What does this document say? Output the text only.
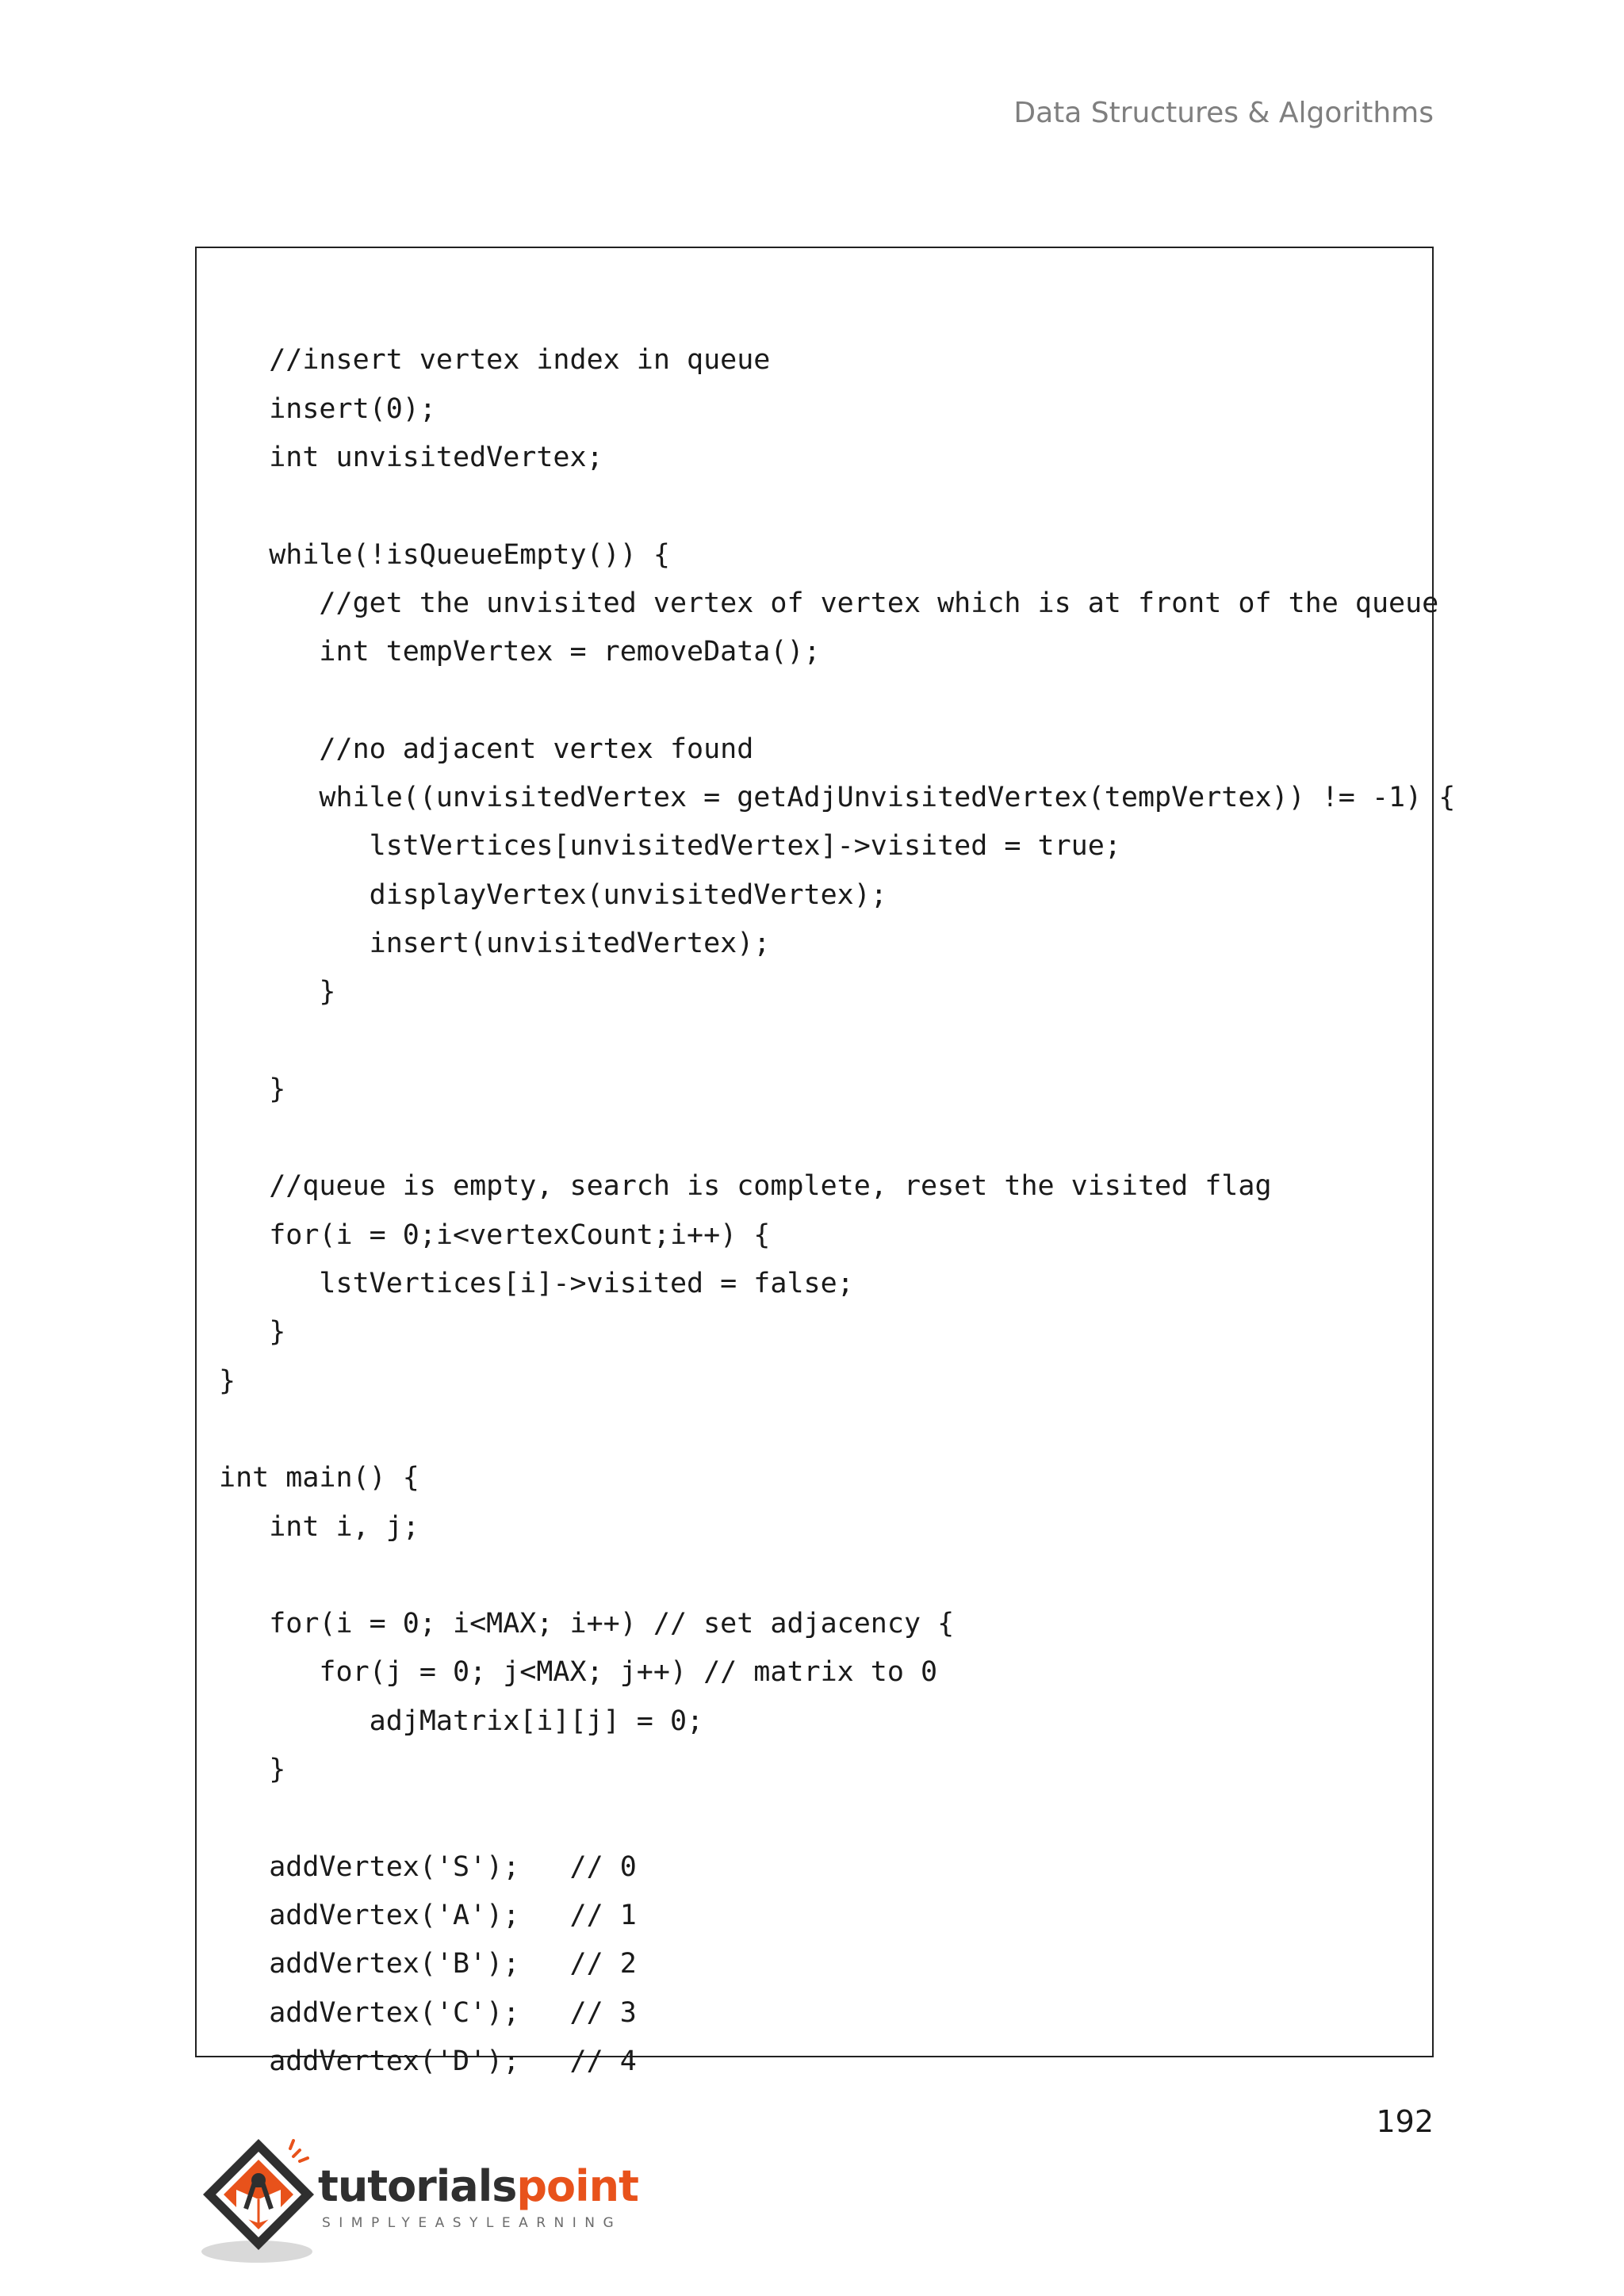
Data Structures & Algorithms
//insert vertex index in queue
insert(0);
int unvisitedVertex;
while(!isQueueEmpty()) {
//get the unvisited vertex of vertex which is at front of the queue
int tempVertex = removeData();
//no adjacent vertex found
while((unvisitedVertex = getAdjUnvisitedVertex(tempVertex)) != -1) {
lstVertices[unvisitedVertex]->visited = true;
displayVertex(unvisitedVertex);
insert(unvisitedVertex);
}
}
//queue is empty, search is complete, reset the visited flag
for(i = 0;i<vertexCount;i++) {
lstVertices[i]->visited = false;
}
}
int main() {
int i, j;
for(i = 0; i<MAX; i++) // set adjacency {
for(j = 0; j<MAX; j++) // matrix to 0
adjMatrix[i][j] = 0;
}
addVertex('S');   // 0
addVertex('A');   // 1
addVertex('B');   // 2
addVertex('C');   // 3
addVertex('D');   // 4
192
tutorialspoint
SIMPLYEASYLEARNING
